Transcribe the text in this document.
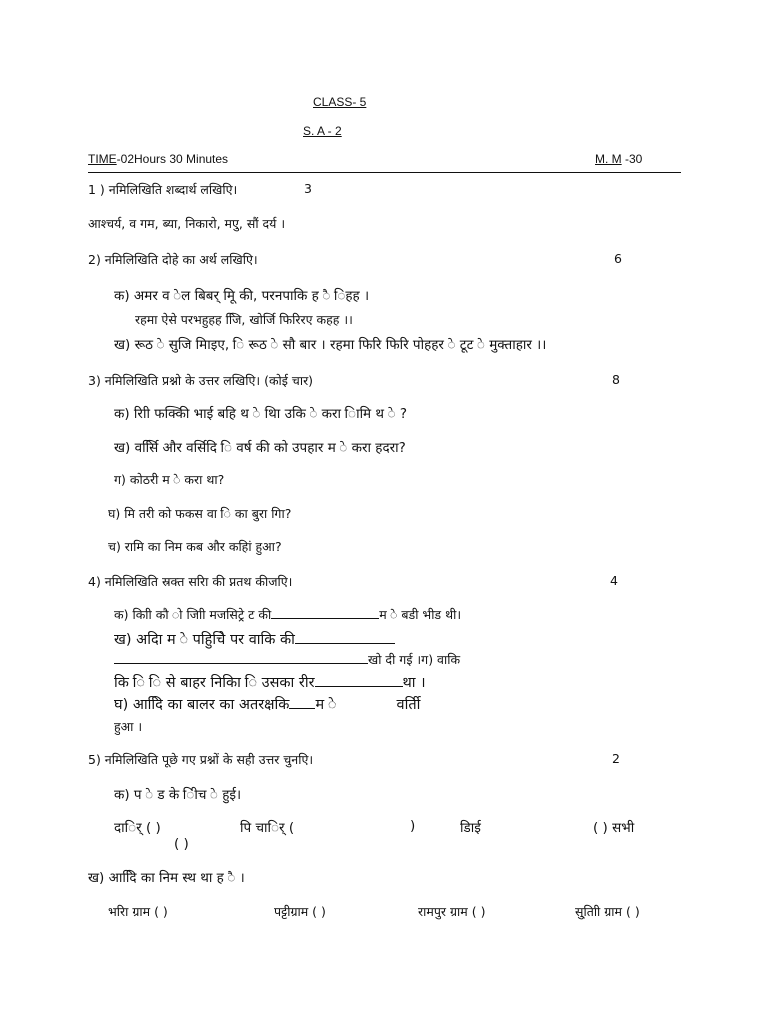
CLASS- 5
S. A - 2
TIME-02Hours 30 Minutes	M. M -30
1 ) नमिलिखिति शब्दार्थ लखिएि।	3
आश्चर्य, व गम, ब्या, निकारो, मएु, सौं दर्य ।
2) नमिलिखिति दोहे का अर्थ लखिएि।	6
क) अमर व ेल बिबर् मिू की, परनपाकि ह ै िहह ।
रहमा ऐसे परभहुहह जिि, खोर्जि फिरिरए कहह ।।
ख) रूठ े सुजि मिाइए, ि रूठ े सौ बार । रहमा फिरि फिरि पोहहर े टूट े मुक्ताहार ।।
3) नमिलिखिति प्रश्नो के उत्तर लखिएि। (कोई चार)	8
क) रािी फक्किी भाई बहि थ े थिा उकि े करा िामि थ े ?
ख) वर्सिि और वर्सिदि ि वर्ष की को उपहार म े करा हदरा?
ग) कोठरी म े करा था?
घ) मि तरी को फकस वा ि का बुरा गिा?
च) रामि का निम कब और कहािं हुआ?
4) नमिलिखिति स्रक्त सराि की प्नतथ कीजएि।	4
क) कािी कौ ो जािी मजसिट्रे ट की	म े बडी भीड थी।
ख) अदाि म े पहुिचिे पर वाकि की
खो दी गई ।ग) वाकि
कि ि ि से बाहर निकाि ि उसका रीर	था ।
घ) आदिि का बालर का अतरक्षकि म े	वर्तीि
हुआ ।
5) नमिलिखिति पूछे गए प्रश्नों के सही उत्तर चुनएि।	2
क) प े ड के िीच े हुई।
दार्ि ( )	पि चार्ि (	)	डिाई	( ) सभी
( )
ख) आदिि का निम स्थ था ह ै ।
भरिा ग्राम ( )	पट्टीग्राम ( )	रामपुर ग्राम ( )	सु्तािी ग्राम ( )
